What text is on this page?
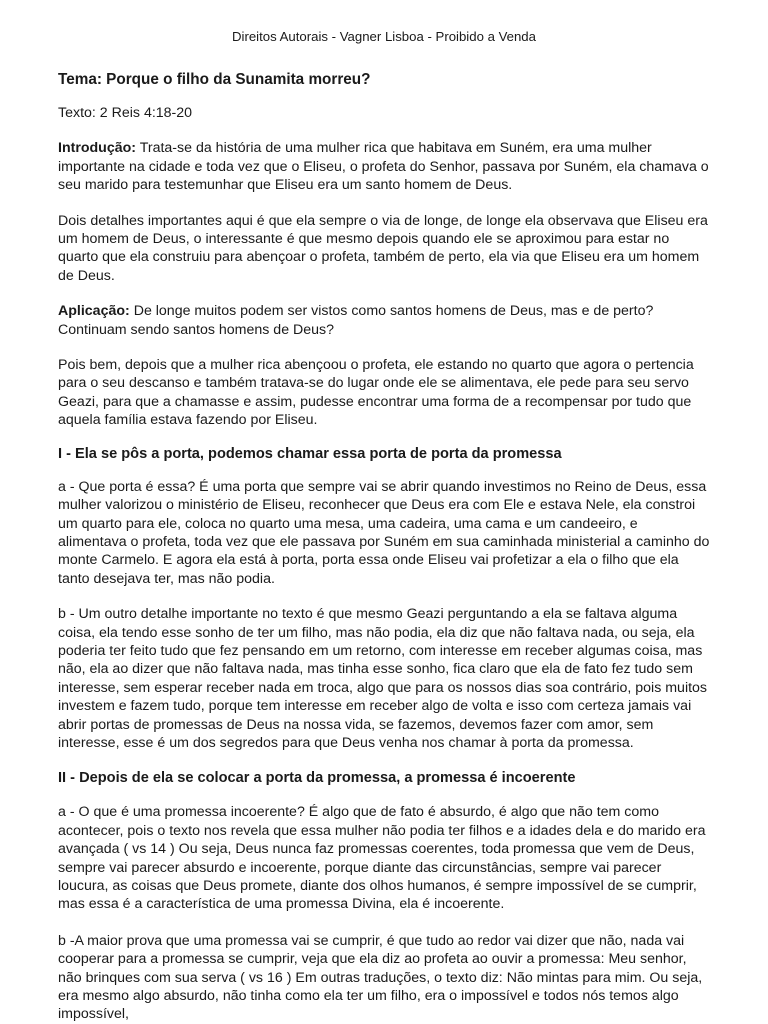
Direitos Autorais - Vagner Lisboa - Proibido a Venda
Tema: Porque o filho da Sunamita morreu?

Texto: 2 Reis 4:18-20

Introdução: Trata-se da história de uma mulher rica que habitava em Suném, era uma mulher importante na cidade e toda vez que o Eliseu, o profeta do Senhor, passava por Suném, ela chamava o seu marido para testemunhar que Eliseu era um santo homem de Deus.

Dois detalhes importantes aqui é que ela sempre o via de longe, de longe ela observava que Eliseu era um homem de Deus, o interessante é que mesmo depois quando ele se aproximou para estar no quarto que ela construiu para abençoar o profeta, também de perto, ela via que Eliseu era um homem de Deus.

Aplicação: De longe muitos podem ser vistos como santos homens de Deus, mas e de perto? Continuam sendo santos homens de Deus?

Pois bem, depois que a mulher rica abençoou o profeta, ele estando no quarto que agora o pertencia para o seu descanso e também tratava-se do lugar onde ele se alimentava, ele pede para seu servo Geazi, para que a chamasse e assim, pudesse encontrar uma forma de a recompensar por tudo que aquela família estava fazendo por Eliseu.

I - Ela se pôs a porta, podemos chamar essa porta de porta da promessa

a - Que porta é essa? É uma porta que sempre vai se abrir quando investimos no Reino de Deus, essa mulher valorizou o ministério de Eliseu, reconhecer que Deus era com Ele e estava Nele, ela constroi um quarto para ele, coloca no quarto uma mesa, uma cadeira, uma cama e um candeeiro, e alimentava o profeta, toda vez que ele passava por Suném em sua caminhada ministerial a caminho do monte Carmelo. E agora ela está à porta, porta essa onde Eliseu vai profetizar a ela o filho que ela tanto desejava ter, mas não podia.

b - Um outro detalhe importante no texto é que mesmo Geazi perguntando a ela se faltava alguma coisa, ela tendo esse sonho de ter um filho, mas não podia, ela diz que não faltava nada, ou seja, ela poderia ter feito tudo que fez pensando em um retorno, com interesse em receber algumas coisa, mas não, ela ao dizer que não faltava nada, mas tinha esse sonho, fica claro que ela de fato fez tudo sem interesse, sem esperar receber nada em troca, algo que para os nossos dias soa contrário, pois muitos investem e fazem tudo, porque tem interesse em receber algo de volta e isso com certeza jamais vai abrir portas de promessas de Deus na nossa vida, se fazemos, devemos fazer com amor, sem interesse, esse é um dos segredos para que Deus venha nos chamar à porta da promessa.

II - Depois de ela se colocar a porta da promessa, a promessa é incoerente

a - O que é uma promessa incoerente? É algo que de fato é absurdo, é algo que não tem como acontecer, pois o texto nos revela que essa mulher não podia ter filhos e a idades dela e do marido era avançada ( vs 14 ) Ou seja, Deus nunca faz promessas coerentes, toda promessa que vem de Deus, sempre vai parecer absurdo e incoerente, porque diante das circunstâncias, sempre vai parecer loucura, as coisas que Deus promete, diante dos olhos humanos, é sempre impossível de se cumprir, mas essa é a característica de uma promessa Divina, ela é incoerente.

b -A maior prova que uma promessa vai se cumprir, é que tudo ao redor vai dizer que não, nada vai cooperar para a promessa se cumprir, veja que ela diz ao profeta ao ouvir a promessa: Meu senhor, não brinques com sua serva ( vs 16 ) Em outras traduções, o texto diz: Não mintas para mim. Ou seja, era mesmo algo absurdo, não tinha como ela ter um filho, era o impossível e todos nós temos algo impossível,
